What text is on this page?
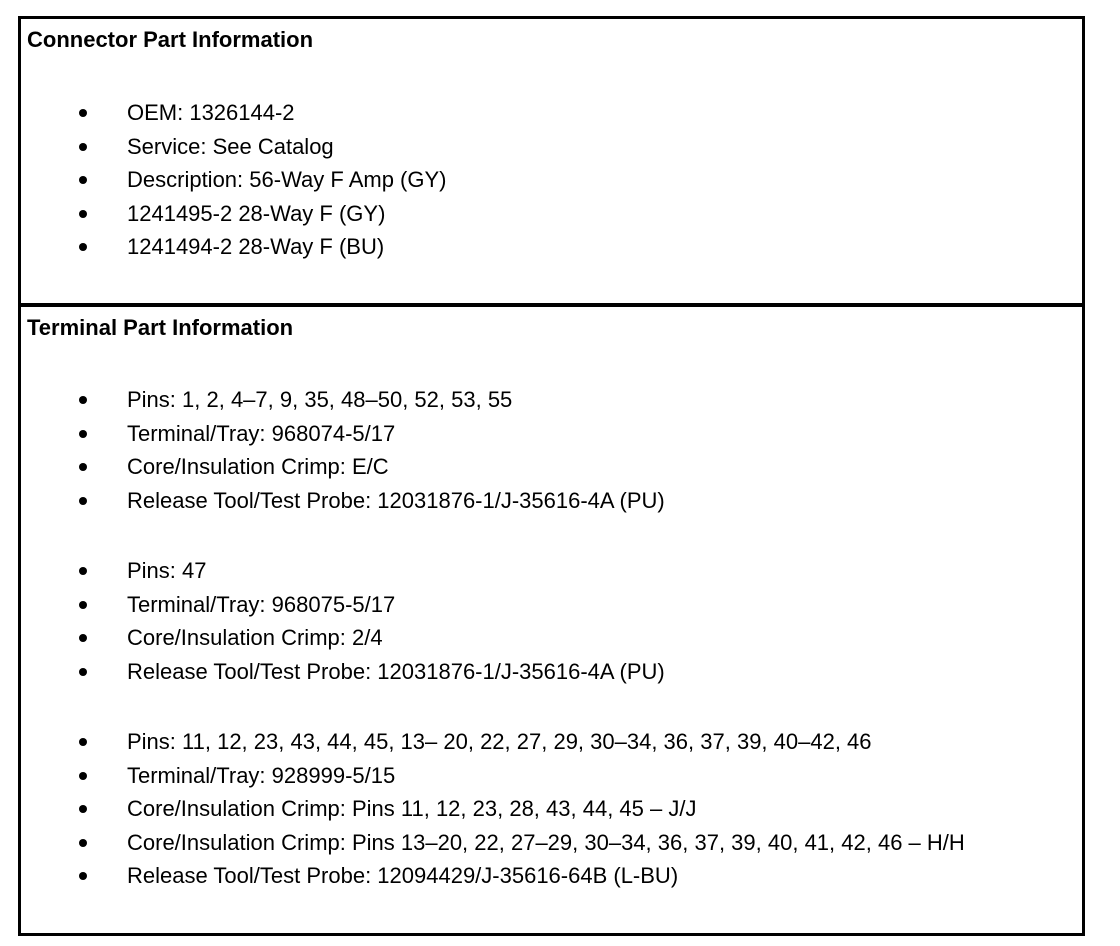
Connector Part Information
OEM: 1326144-2
Service: See Catalog
Description: 56-Way F Amp (GY)
1241495-2 28-Way F (GY)
1241494-2 28-Way F (BU)
Terminal Part Information
Pins: 1, 2, 4–7, 9, 35, 48–50, 52, 53, 55
Terminal/Tray: 968074-5/17
Core/Insulation Crimp: E/C
Release Tool/Test Probe: 12031876-1/J-35616-4A (PU)
Pins: 47
Terminal/Tray: 968075-5/17
Core/Insulation Crimp: 2/4
Release Tool/Test Probe: 12031876-1/J-35616-4A (PU)
Pins: 11, 12, 23, 43, 44, 45, 13– 20, 22, 27, 29, 30–34, 36, 37, 39, 40–42, 46
Terminal/Tray: 928999-5/15
Core/Insulation Crimp: Pins 11, 12, 23, 28, 43, 44, 45 – J/J
Core/Insulation Crimp: Pins 13–20, 22, 27–29, 30–34, 36, 37, 39, 40, 41, 42, 46 – H/H
Release Tool/Test Probe: 12094429/J-35616-64B (L-BU)
